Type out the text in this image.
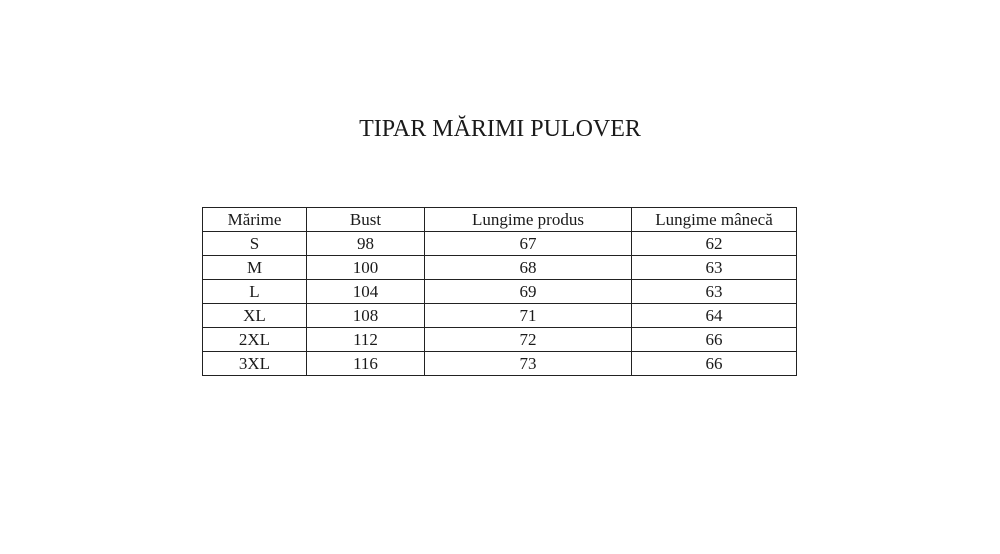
TIPAR MĂRIMI PULOVER
Mărime	Bust	Lungime produs	Lungime mânecă
S	98	67	62
M	100	68	63
L	104	69	63
XL	108	71	64
2XL	112	72	66
3XL	116	73	66
